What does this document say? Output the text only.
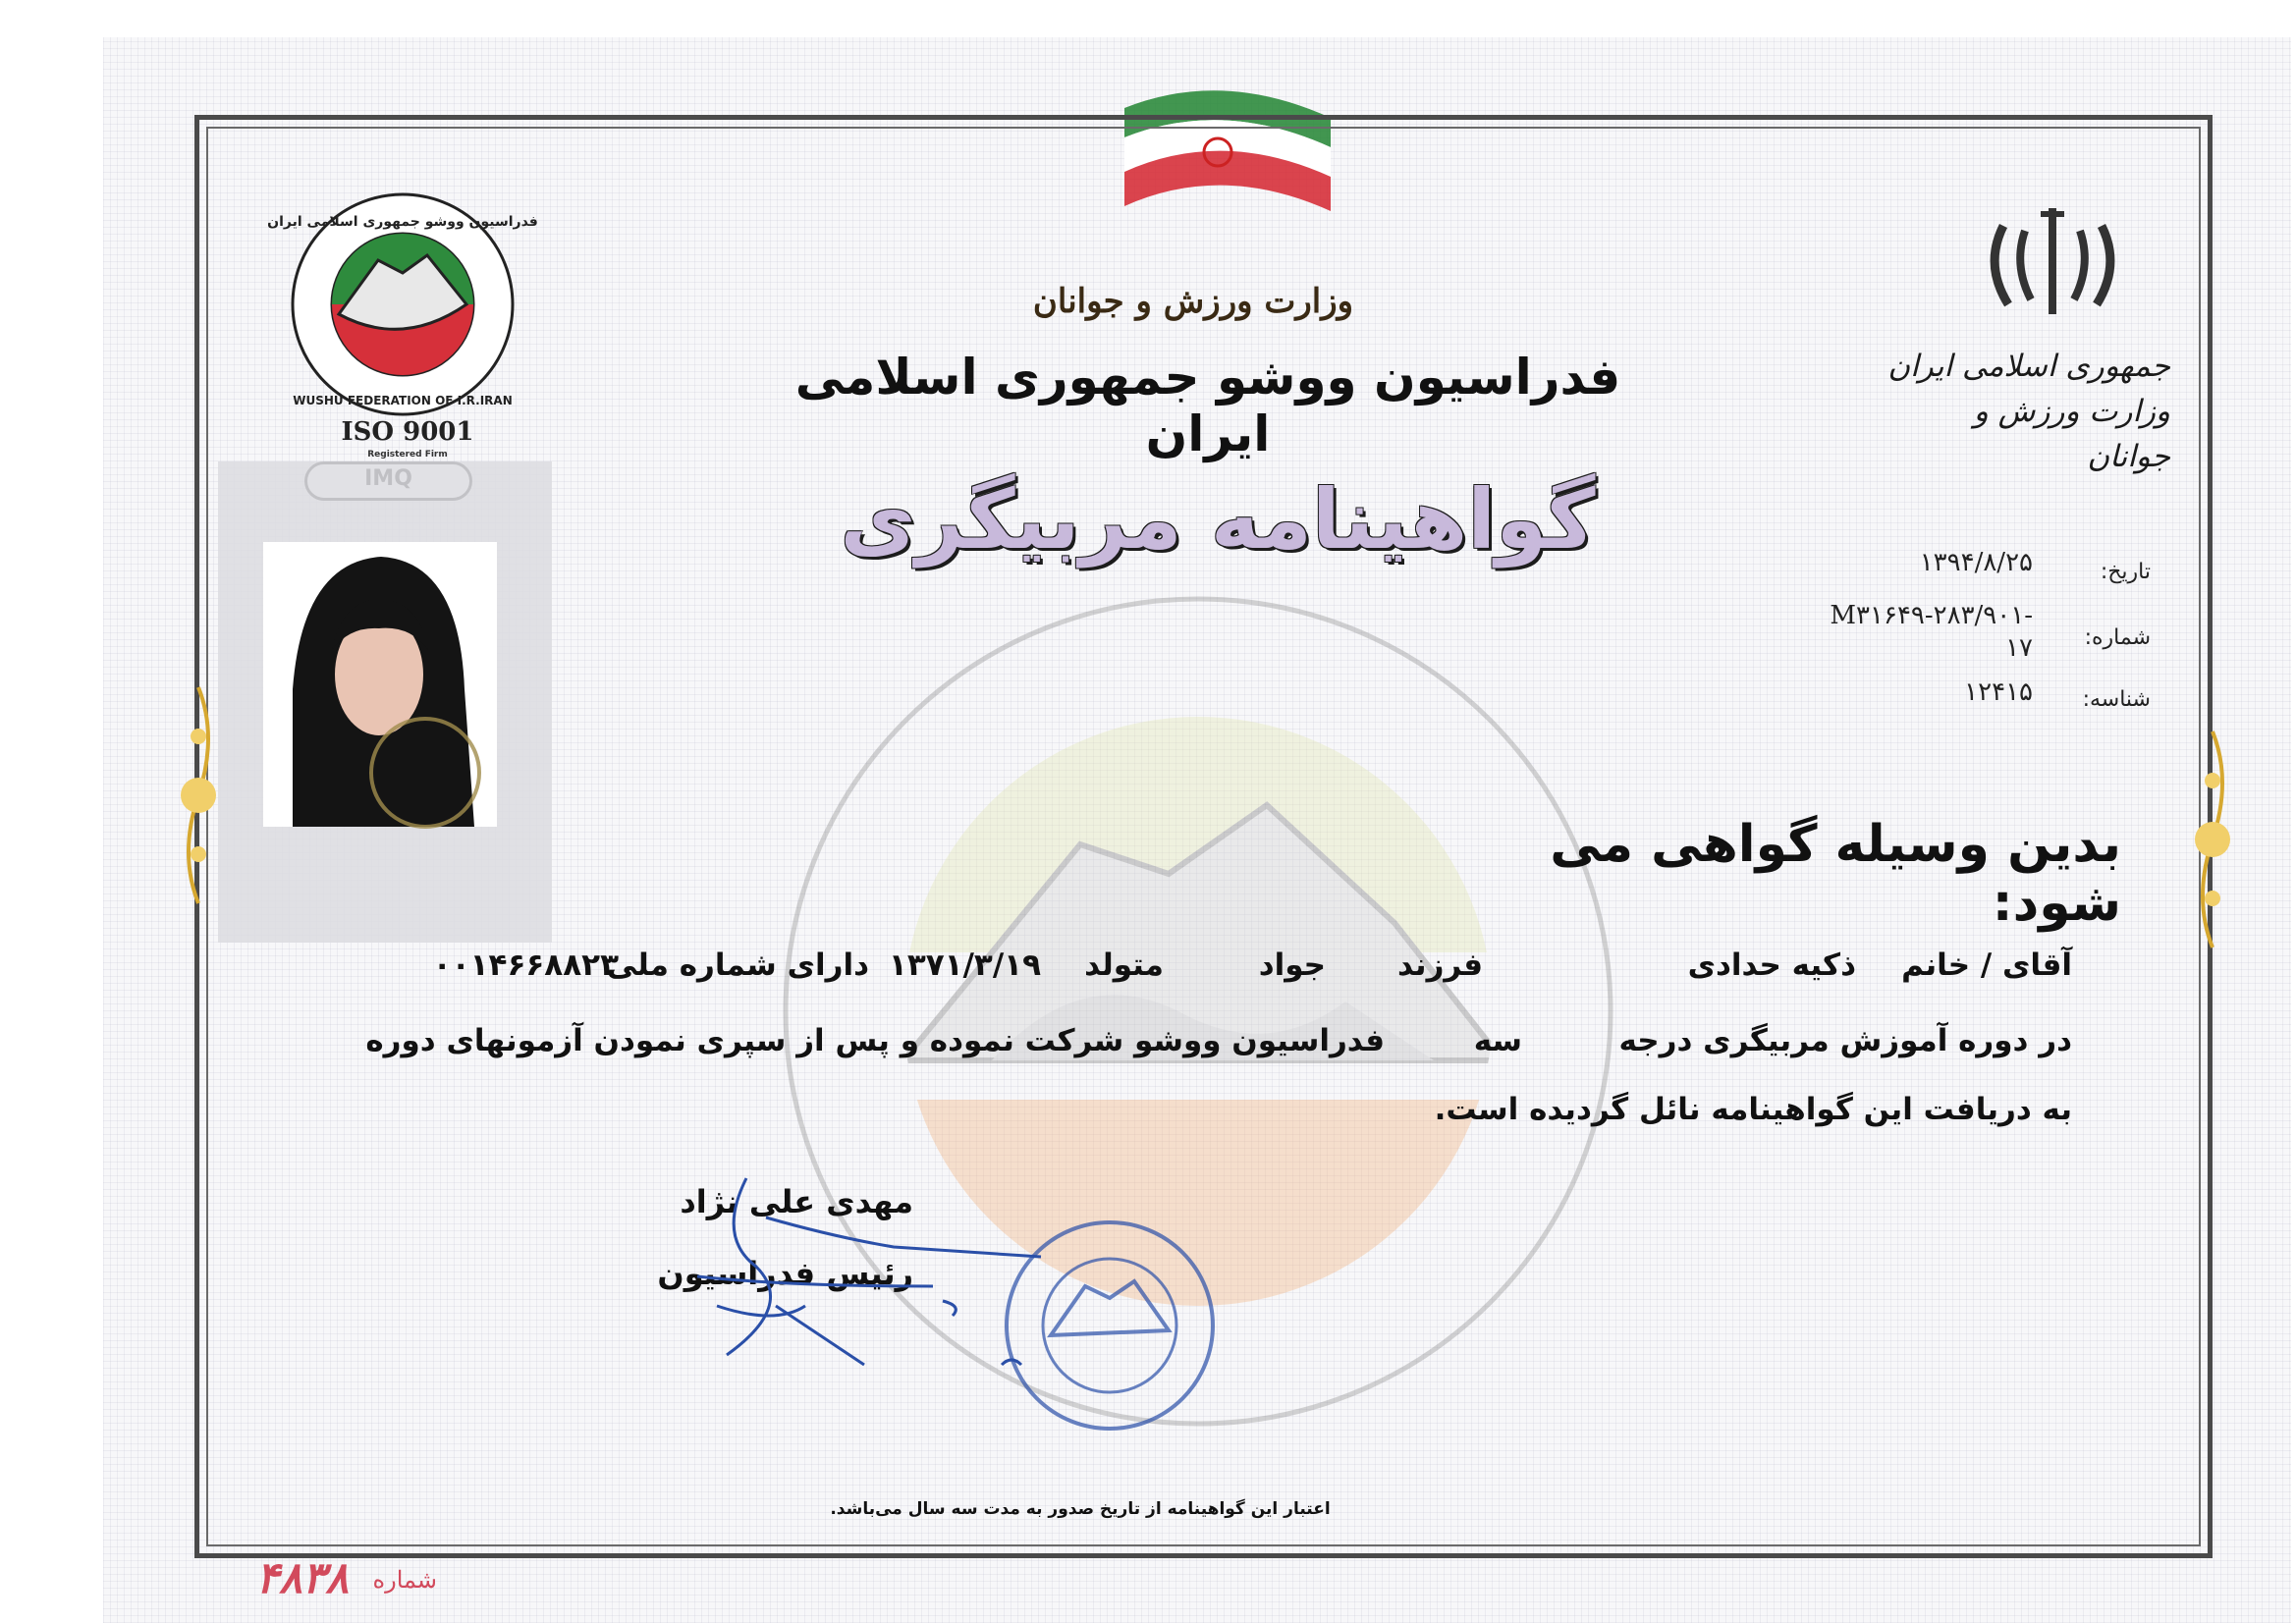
فدراسیون ووشو جمهوری اسلامی ایران
WUSHU FEDERATION OF I.R.IRAN
ISO 9001
Registered Firm
وزارت ورزش و جوانان
فدراسیون ووشو جمهوری اسلامی ایران
گواهینامه مربیگری
جمهوری اسلامی ایران
وزارت ورزش و جوانان
تاریخ:
۱۳۹۴/۸/۲۵
شماره:
M۳۱۶۴۹-۲۸۳/۹۰۱-
۱۷
شناسه:
۱۲۴۱۵
بدین وسیله گواهی می شود:
آقای / خانم
ذکیه حدادی
فرزند
جواد
متولد
۱۳۷۱/۳/۱۹
دارای شماره ملی
۰۰۱۴۶۶۸۸۲۳
در دوره آموزش مربیگری درجه
سه
فدراسیون ووشو شرکت نموده و پس از سپری نمودن آزمونهای دوره
به دریافت این گواهینامه نائل گردیده است.
مهدی علی نژاد
رئیس فدراسیون
اعتبار این گواهینامه از تاریخ صدور به مدت سه سال می‌باشد.
شماره
۴۸۳۸
